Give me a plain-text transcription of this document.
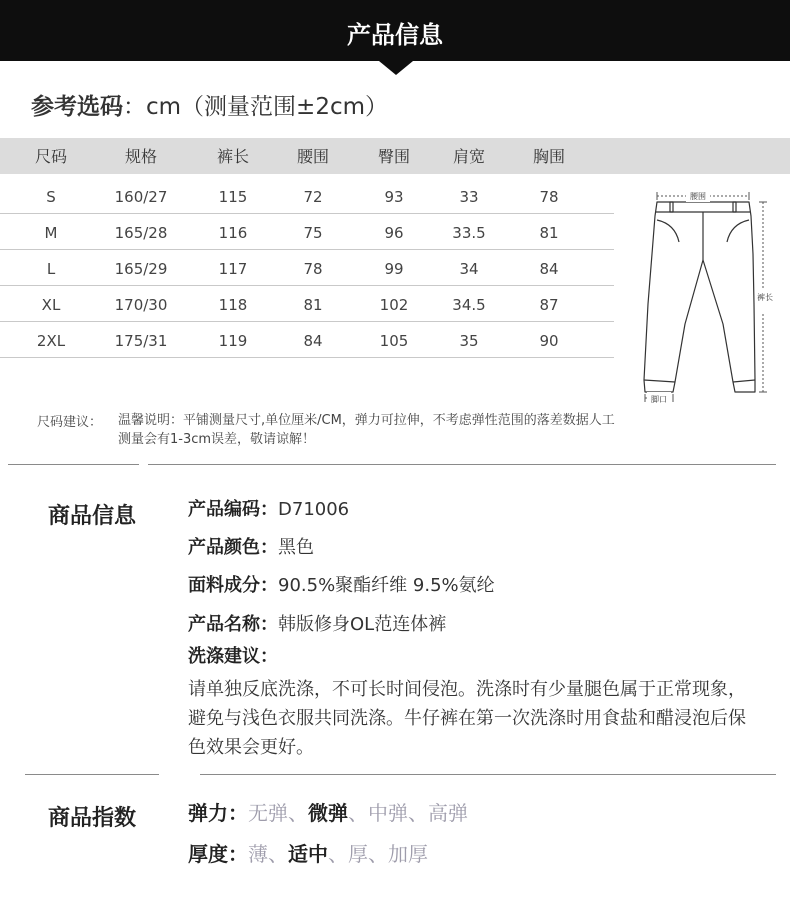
产品信息
参考选码：cm（测量范围±2cm）
尺码	规格	裤长	腰围	臀围	肩宽	胸围
S	160/27	115	72	93	33	78
M	165/28	116	75	96	33.5	81
L	165/29	117	78	99	34	84
XL	170/30	118	81	102	34.5	87
2XL	175/31	119	84	105	35	90
腰围
裤长
脚口
尺码建议： 温馨说明：平铺测量尺寸,单位厘米/CM，弹力可拉伸，不考虑弹性范围的落差数据人工测量会有1-3cm误差，敬请谅解！
商品信息	产品编码：D71006
产品颜色：黑色
面料成分：90.5%聚酯纤维 9.5%氨纶
产品名称：韩版修身OL范连体裤
洗涤建议：
请单独反底洗涤，不可长时间侵泡。洗涤时有少量腿色属于正常现象，避免与浅色衣服共同洗涤。牛仔裤在第一次洗涤时用食盐和醋浸泡后保色效果会更好。
商品指数	弹力：无弹、微弹、中弹、高弹
厚度：薄、适中、厚、加厚
